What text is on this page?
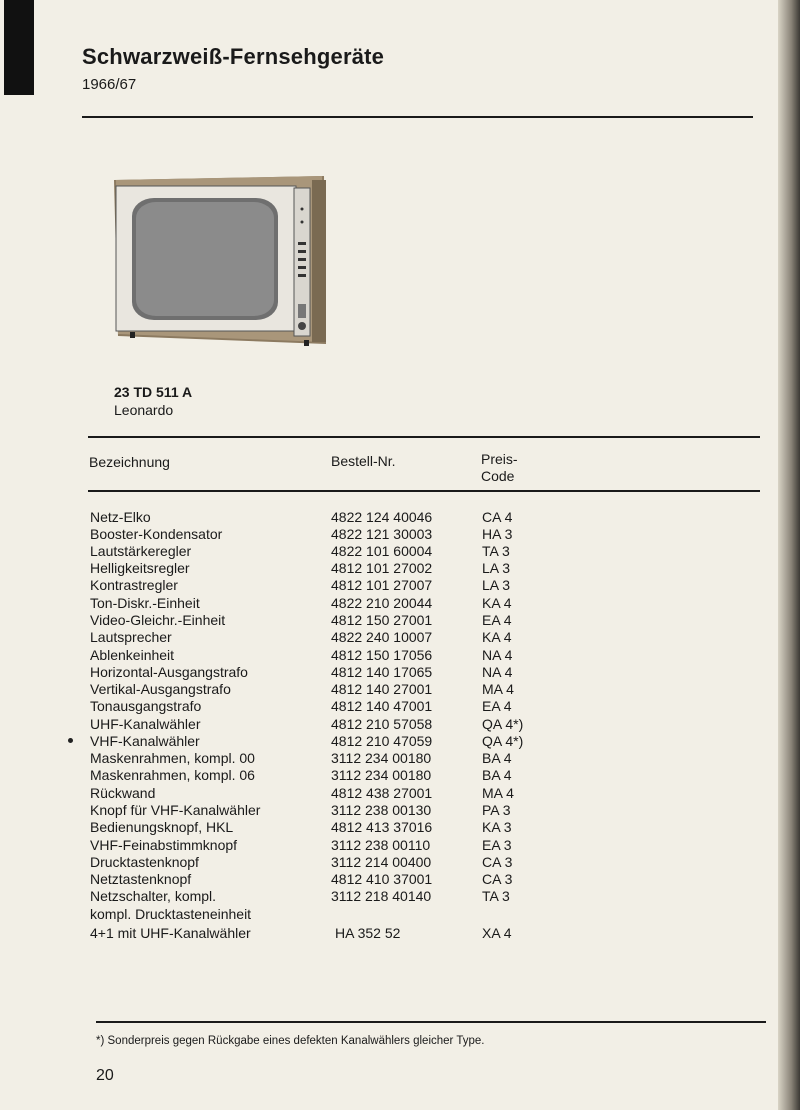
Schwarzweiß-Fernsehgeräte
1966/67
23 TD 511 A
Leonardo
Bezeichnung	Bestell-Nr.	Preis-
Code
Netz-Elko	4822 124 40046	CA 4
Booster-Kondensator	4822 121 30003	HA 3
Lautstärkeregler	4822 101 60004	TA 3
Helligkeitsregler	4812 101 27002	LA 3
Kontrastregler	4812 101 27007	LA 3
Ton-Diskr.-Einheit	4822 210 20044	KA 4
Video-Gleichr.-Einheit	4812 150 27001	EA 4
Lautsprecher	4822 240 10007	KA 4
Ablenkeinheit	4812 150 17056	NA 4
Horizontal-Ausgangstrafo	4812 140 17065	NA 4
Vertikal-Ausgangstrafo	4812 140 27001	MA 4
Tonausgangstrafo	4812 140 47001	EA 4
UHF-Kanalwähler	4812 210 57058	QA 4*)
VHF-Kanalwähler	4812 210 47059	QA 4*)
Maskenrahmen, kompl. 00	3112 234 00180	BA 4
Maskenrahmen, kompl. 06	3112 234 00180	BA 4
Rückwand	4812 438 27001	MA 4
Knopf für VHF-Kanalwähler	3112 238 00130	PA 3
Bedienungsknopf, HKL	4812 413 37016	KA 3
VHF-Feinabstimmknopf	3112 238 00110	EA 3
Drucktastenknopf	3112 214 00400	CA 3
Netztastenknopf	4812 410 37001	CA 3
Netzschalter, kompl.	3112 218 40140	TA 3
kompl. Drucktasteneinheit
4+1 mit UHF-Kanalwähler	HA 352 52	XA 4
*) Sonderpreis gegen Rückgabe eines defekten Kanalwählers gleicher Type.
20
